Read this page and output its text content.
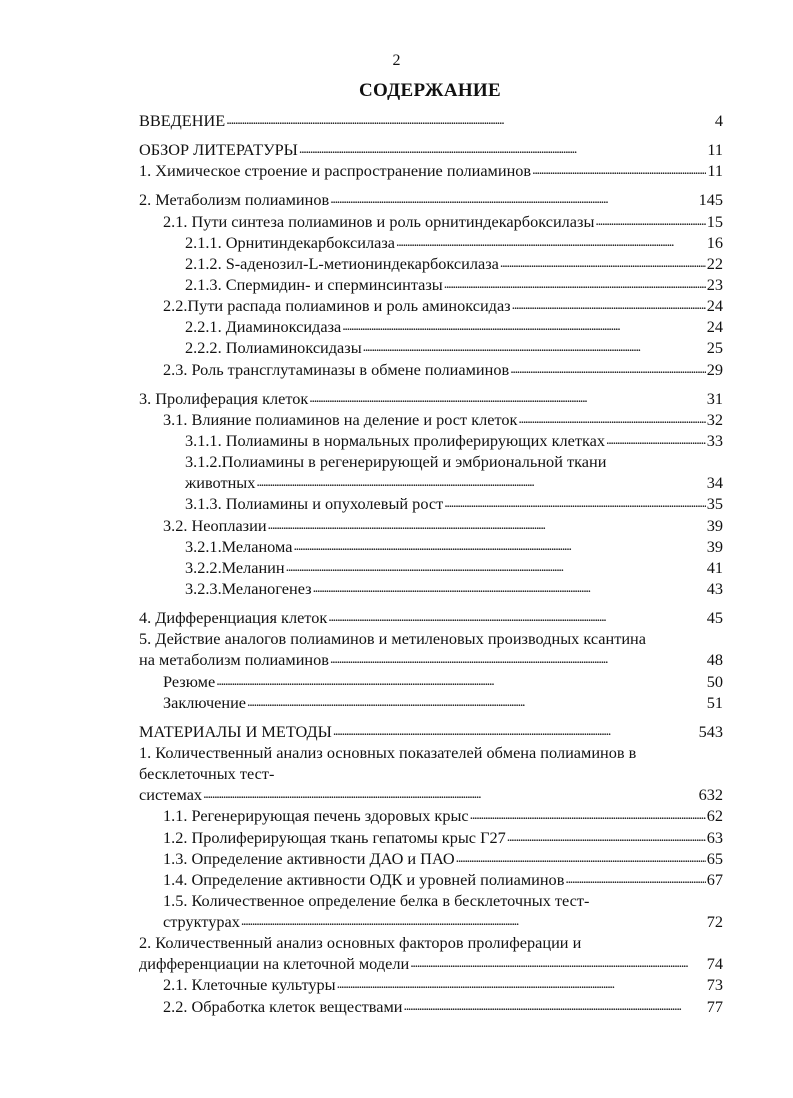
2
СОДЕРЖАНИЕ
ВВЕДЕНИЕ . . .	4
ОБЗОР ЛИТЕРАТУРЫ . . .	11
1. Химическое строение и распространение полиаминов . . .	11
2. Метаболизм полиаминов . . .	145
2.1. Пути синтеза полиаминов и роль орнитиндекарбоксилазы . . .	15
2.1.1. Орнитиндекарбоксилаза . . .	16
2.1.2. S-аденозил-L-метиониндекарбоксилаза . . .	22
2.1.3. Спермидин- и сперминсинтазы . . .	23
2.2.Пути распада полиаминов и роль аминоксидаз . . .	24
2.2.1. Диаминоксидаза . . .	24
2.2.2. Полиаминоксидазы . . .	25
2.3. Роль трансглутаминазы в обмене полиаминов . . .	29
3. Пролиферация клеток . . .	31
3.1. Влияние полиаминов на деление и рост клеток . . .	32
3.1.1. Полиамины в нормальных пролиферирующих клетках . . .	33
3.1.2.Полиамины в регенерирующей и эмбриональной ткани
животных . . .	34
3.1.3. Полиамины и опухолевый рост . . .	35
3.2. Неоплазии . . .	39
3.2.1.Меланома . . .	39
3.2.2.Меланин . . .	41
3.2.3.Меланогенез . . .	43
4. Дифференциация клеток . . .	45
5. Действие аналогов полиаминов и метиленовых производных ксантина
на метаболизм полиаминов . . .	48
Резюме . . .	50
Заключение . . .	51
МАТЕРИАЛЫ И МЕТОДЫ . . .	543
1. Количественный анализ основных показателей обмена полиаминов в
бесклеточных тест-
системах . . .	632
1.1. Регенерирующая печень здоровых крыс . . .	62
1.2. Пролиферирующая ткань гепатомы крыс Г27 . . .	63
1.3. Определение активности ДАО и ПАО . . .	65
1.4. Определение активности ОДК и уровней полиаминов . . .	67
1.5. Количественное определение белка в бесклеточных тест-
структурах . . .	72
2. Количественный анализ основных факторов пролиферации и
дифференциации на клеточной модели . . .	74
2.1. Клеточные культуры . . .	73
2.2. Обработка клеток веществами . . .	77
